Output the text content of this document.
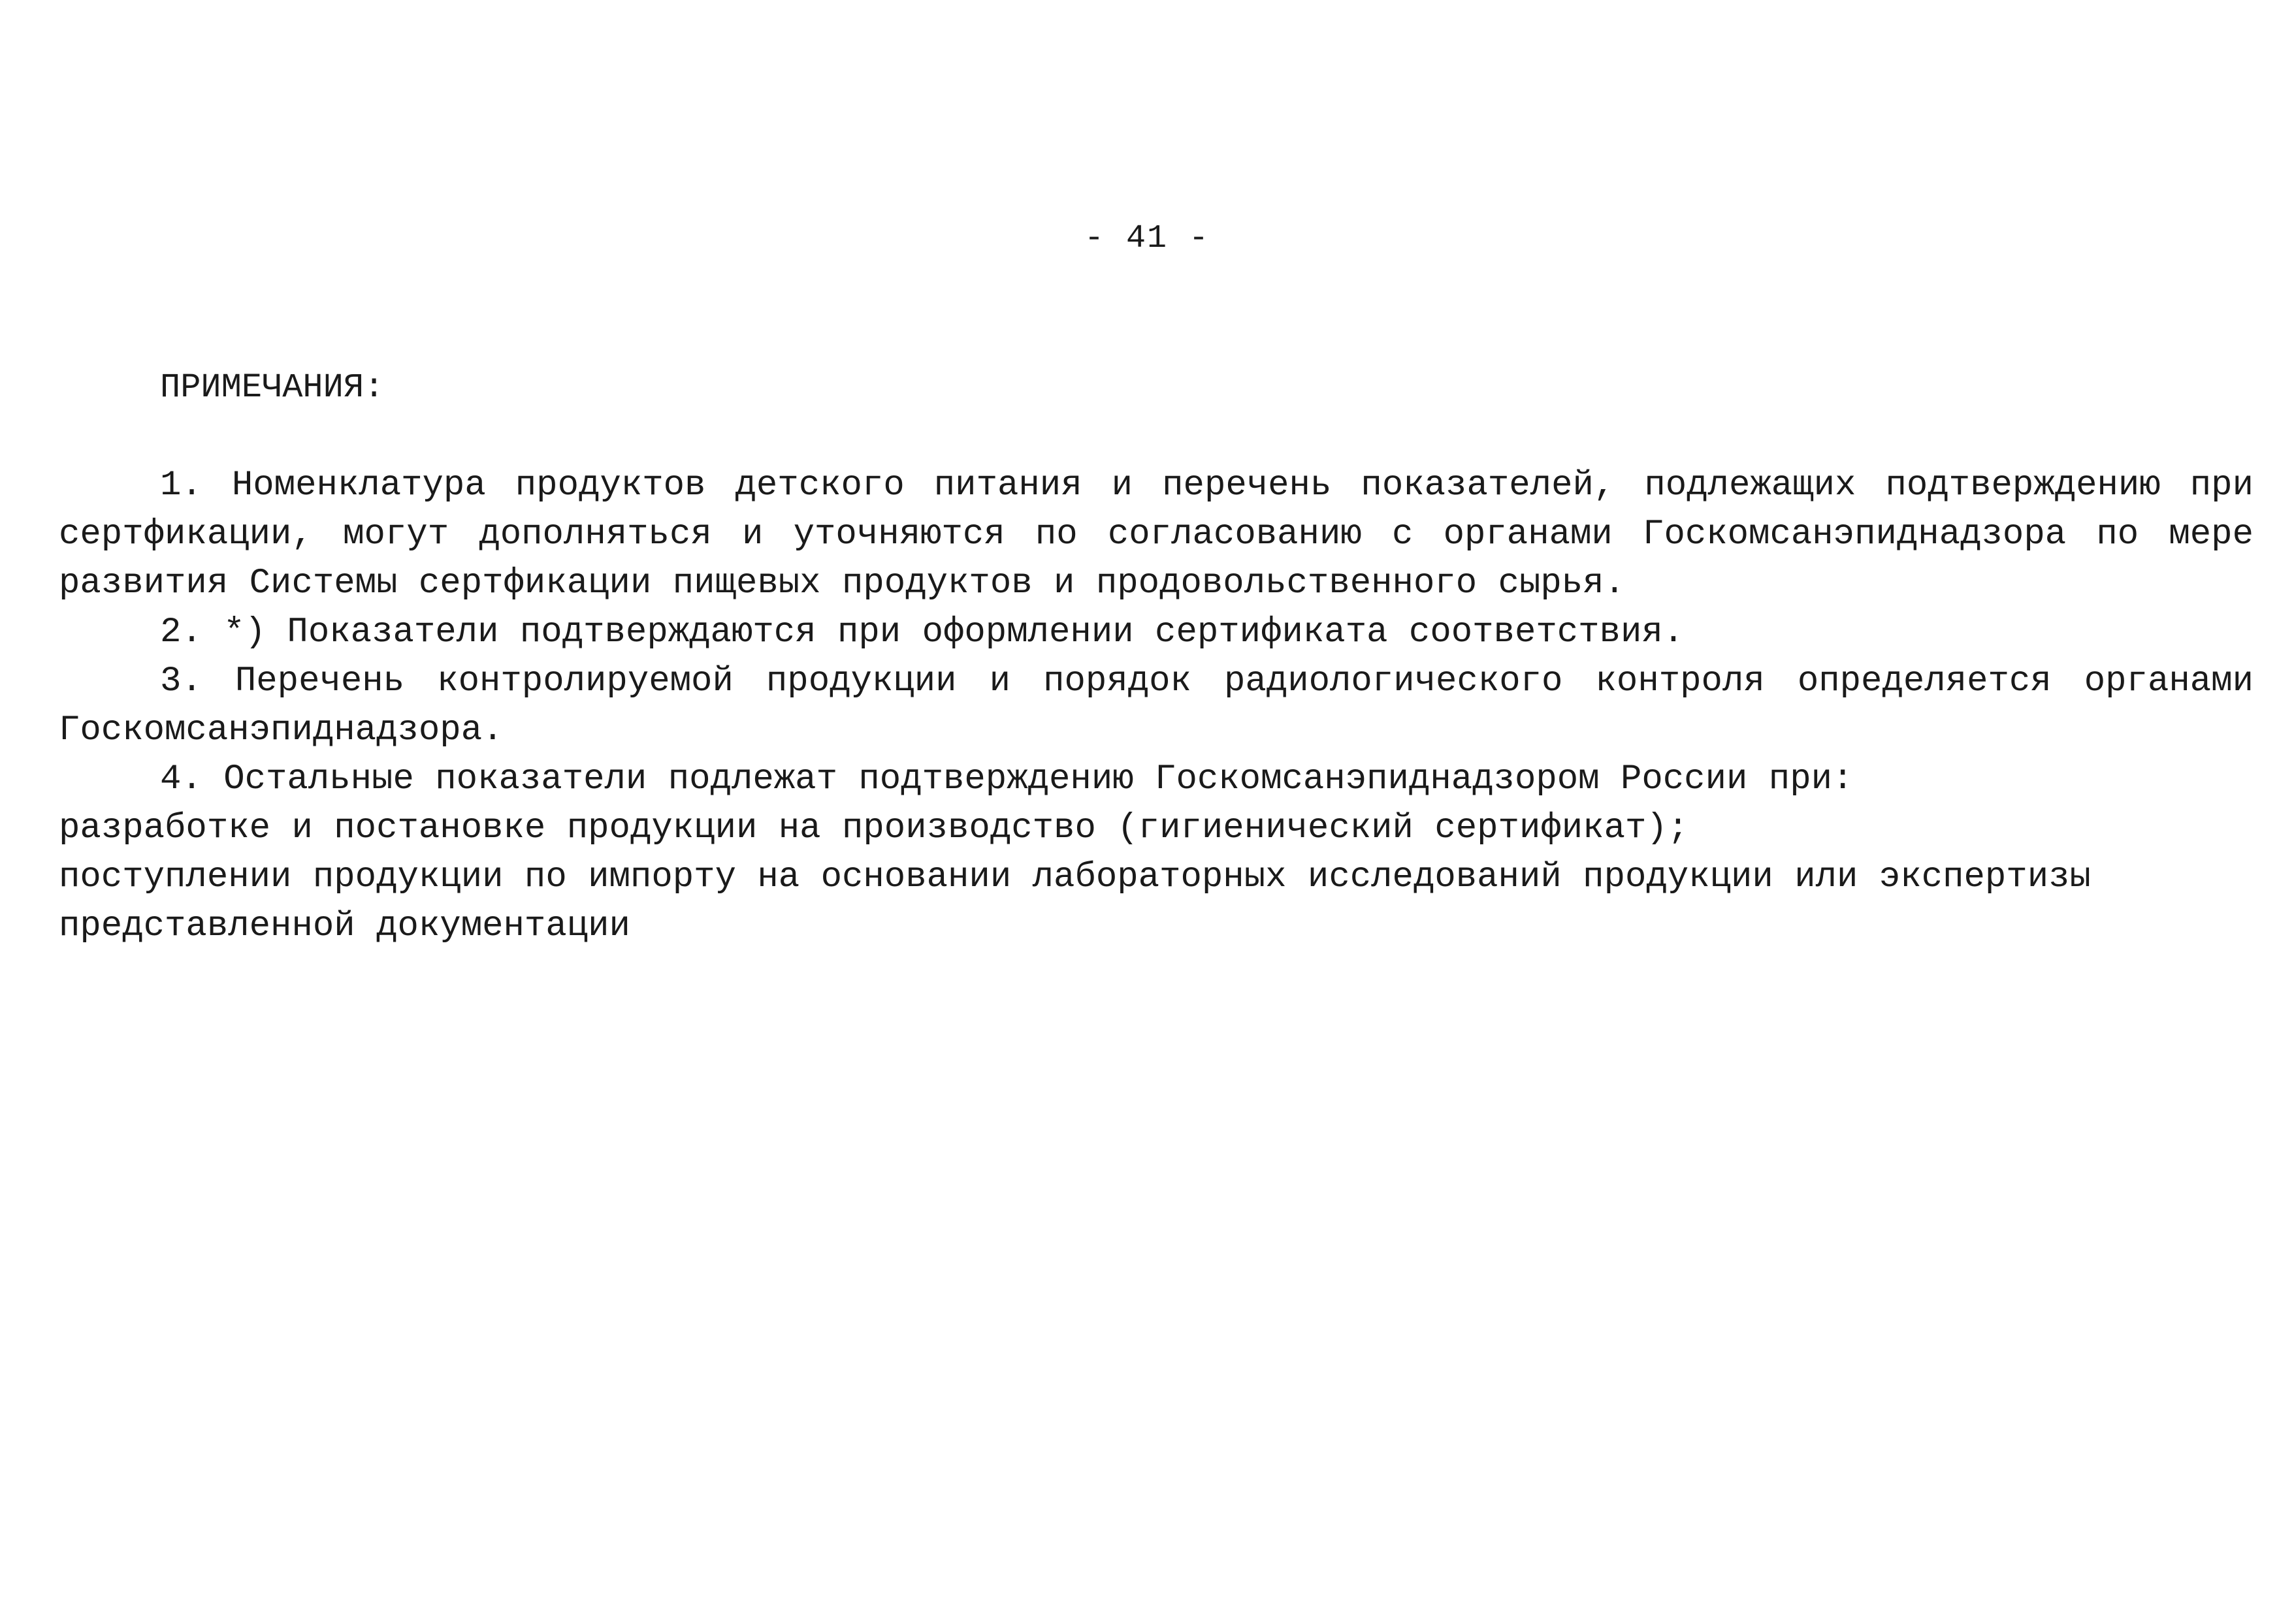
- 41 -
ПРИМЕЧАНИЯ:

1. Номенклатура продуктов детского питания и перечень показателей, подлежащих подтверждению при сертфикации, могут дополняться и уточняются по согласованию с органами Госкомсанэпиднадзора по мере развития Системы сертфикации пищевых продуктов и продовольственного сырья.

2. *) Показатели подтверждаются при оформлении сертификата соответствия.

3. Перечень контролируемой продукции и порядок радиологического контроля определяется органами Госкомсанэпиднадзора.

4. Остальные показатели подлежат подтверждению Госкомсанэпиднадзором России при:

разработке и постановке продукции на производство (гигиенический сертификат);

поступлении продукции по импорту на основании лабораторных исследований продукции или экспертизы представленной документации
